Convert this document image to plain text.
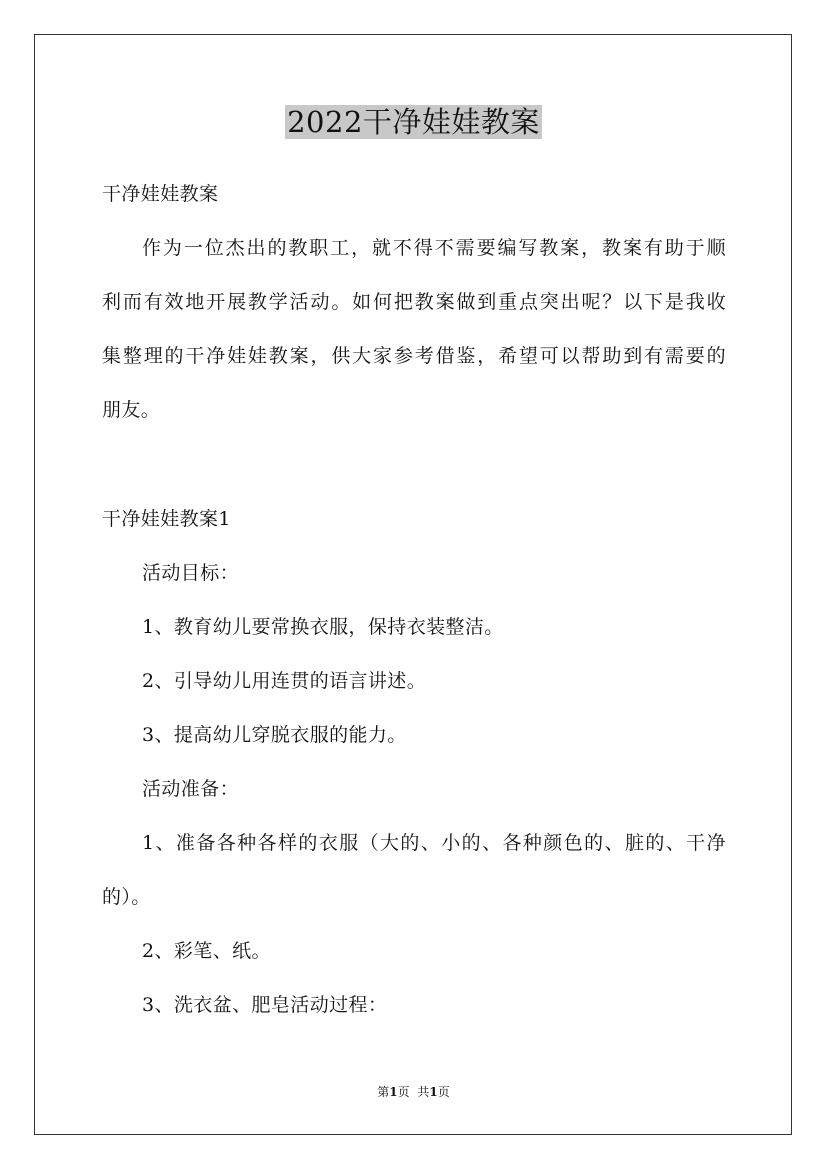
2022干净娃娃教案
干净娃娃教案
作为一位杰出的教职工，就不得不需要编写教案，教案有助于顺
利而有效地开展教学活动。如何把教案做到重点突出呢？以下是我收
集整理的干净娃娃教案，供大家参考借鉴，希望可以帮助到有需要的
朋友。
干净娃娃教案1
活动目标：
1、教育幼儿要常换衣服，保持衣装整洁。
2、引导幼儿用连贯的语言讲述。
3、提高幼儿穿脱衣服的能力。
活动准备：
1、准备各种各样的衣服（大的、小的、各种颜色的、脏的、干净
的）。
2、彩笔、纸。
3、洗衣盆、肥皂活动过程：
第1页 共1页
